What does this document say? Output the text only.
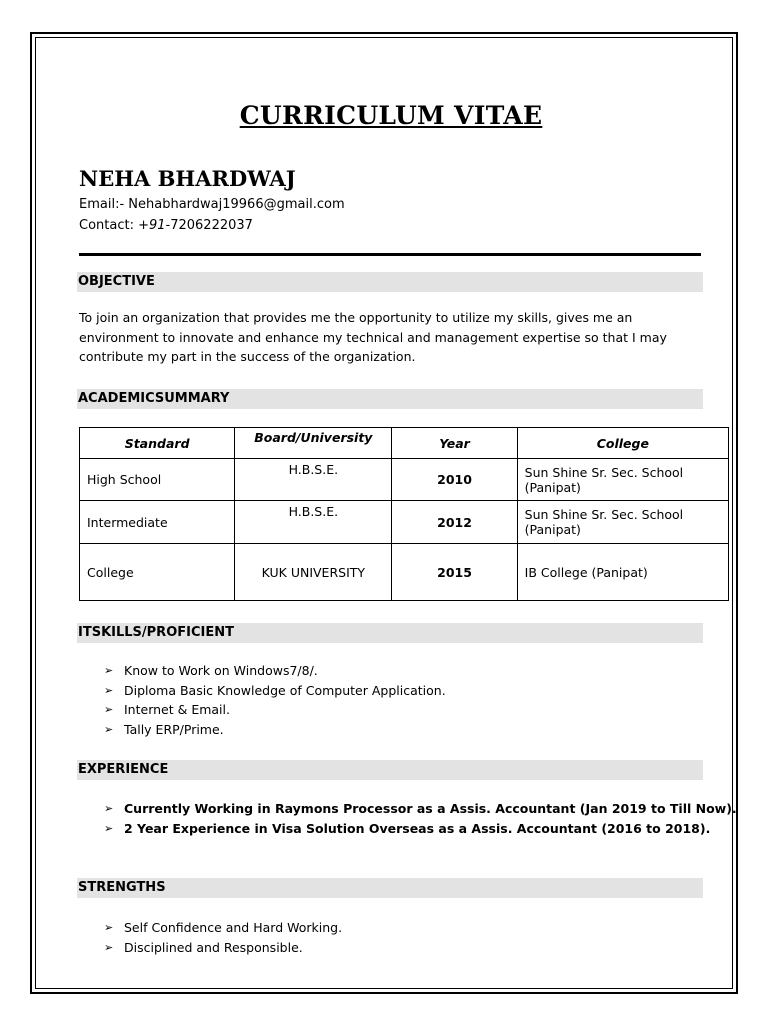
CURRICULUM VITAE
NEHA BHARDWAJ
Email:- Nehabhardwaj19966@gmail.com
Contact: +91-7206222037
OBJECTIVE
To join an organization that provides me the opportunity to utilize my skills, gives me an
environment to innovate and enhance my technical and management expertise so that I may
contribute my part in the success of the organization.
ACADEMICSUMMARY
Standard	Board/University	Year	College
High School	H.B.S.E.	2010	Sun Shine Sr. Sec. School
(Panipat)

Intermediate	H.B.S.E.	2012	Sun Shine Sr. Sec. School
(Panipat)

College	KUK UNIVERSITY	2015	IB College (Panipat)
ITSKILLS/PROFICIENT
➢ Know to Work on Windows7/8/.
➢ Diploma Basic Knowledge of Computer Application.
➢ Internet & Email.
➢ Tally ERP/Prime.
EXPERIENCE
➢ Currently Working in Raymons Processor as a Assis. Accountant (Jan 2019 to Till Now).
➢ 2 Year Experience in Visa Solution Overseas as a Assis. Accountant (2016 to 2018).
STRENGTHS
➢ Self Confidence and Hard Working.
➢ Disciplined and Responsible.
